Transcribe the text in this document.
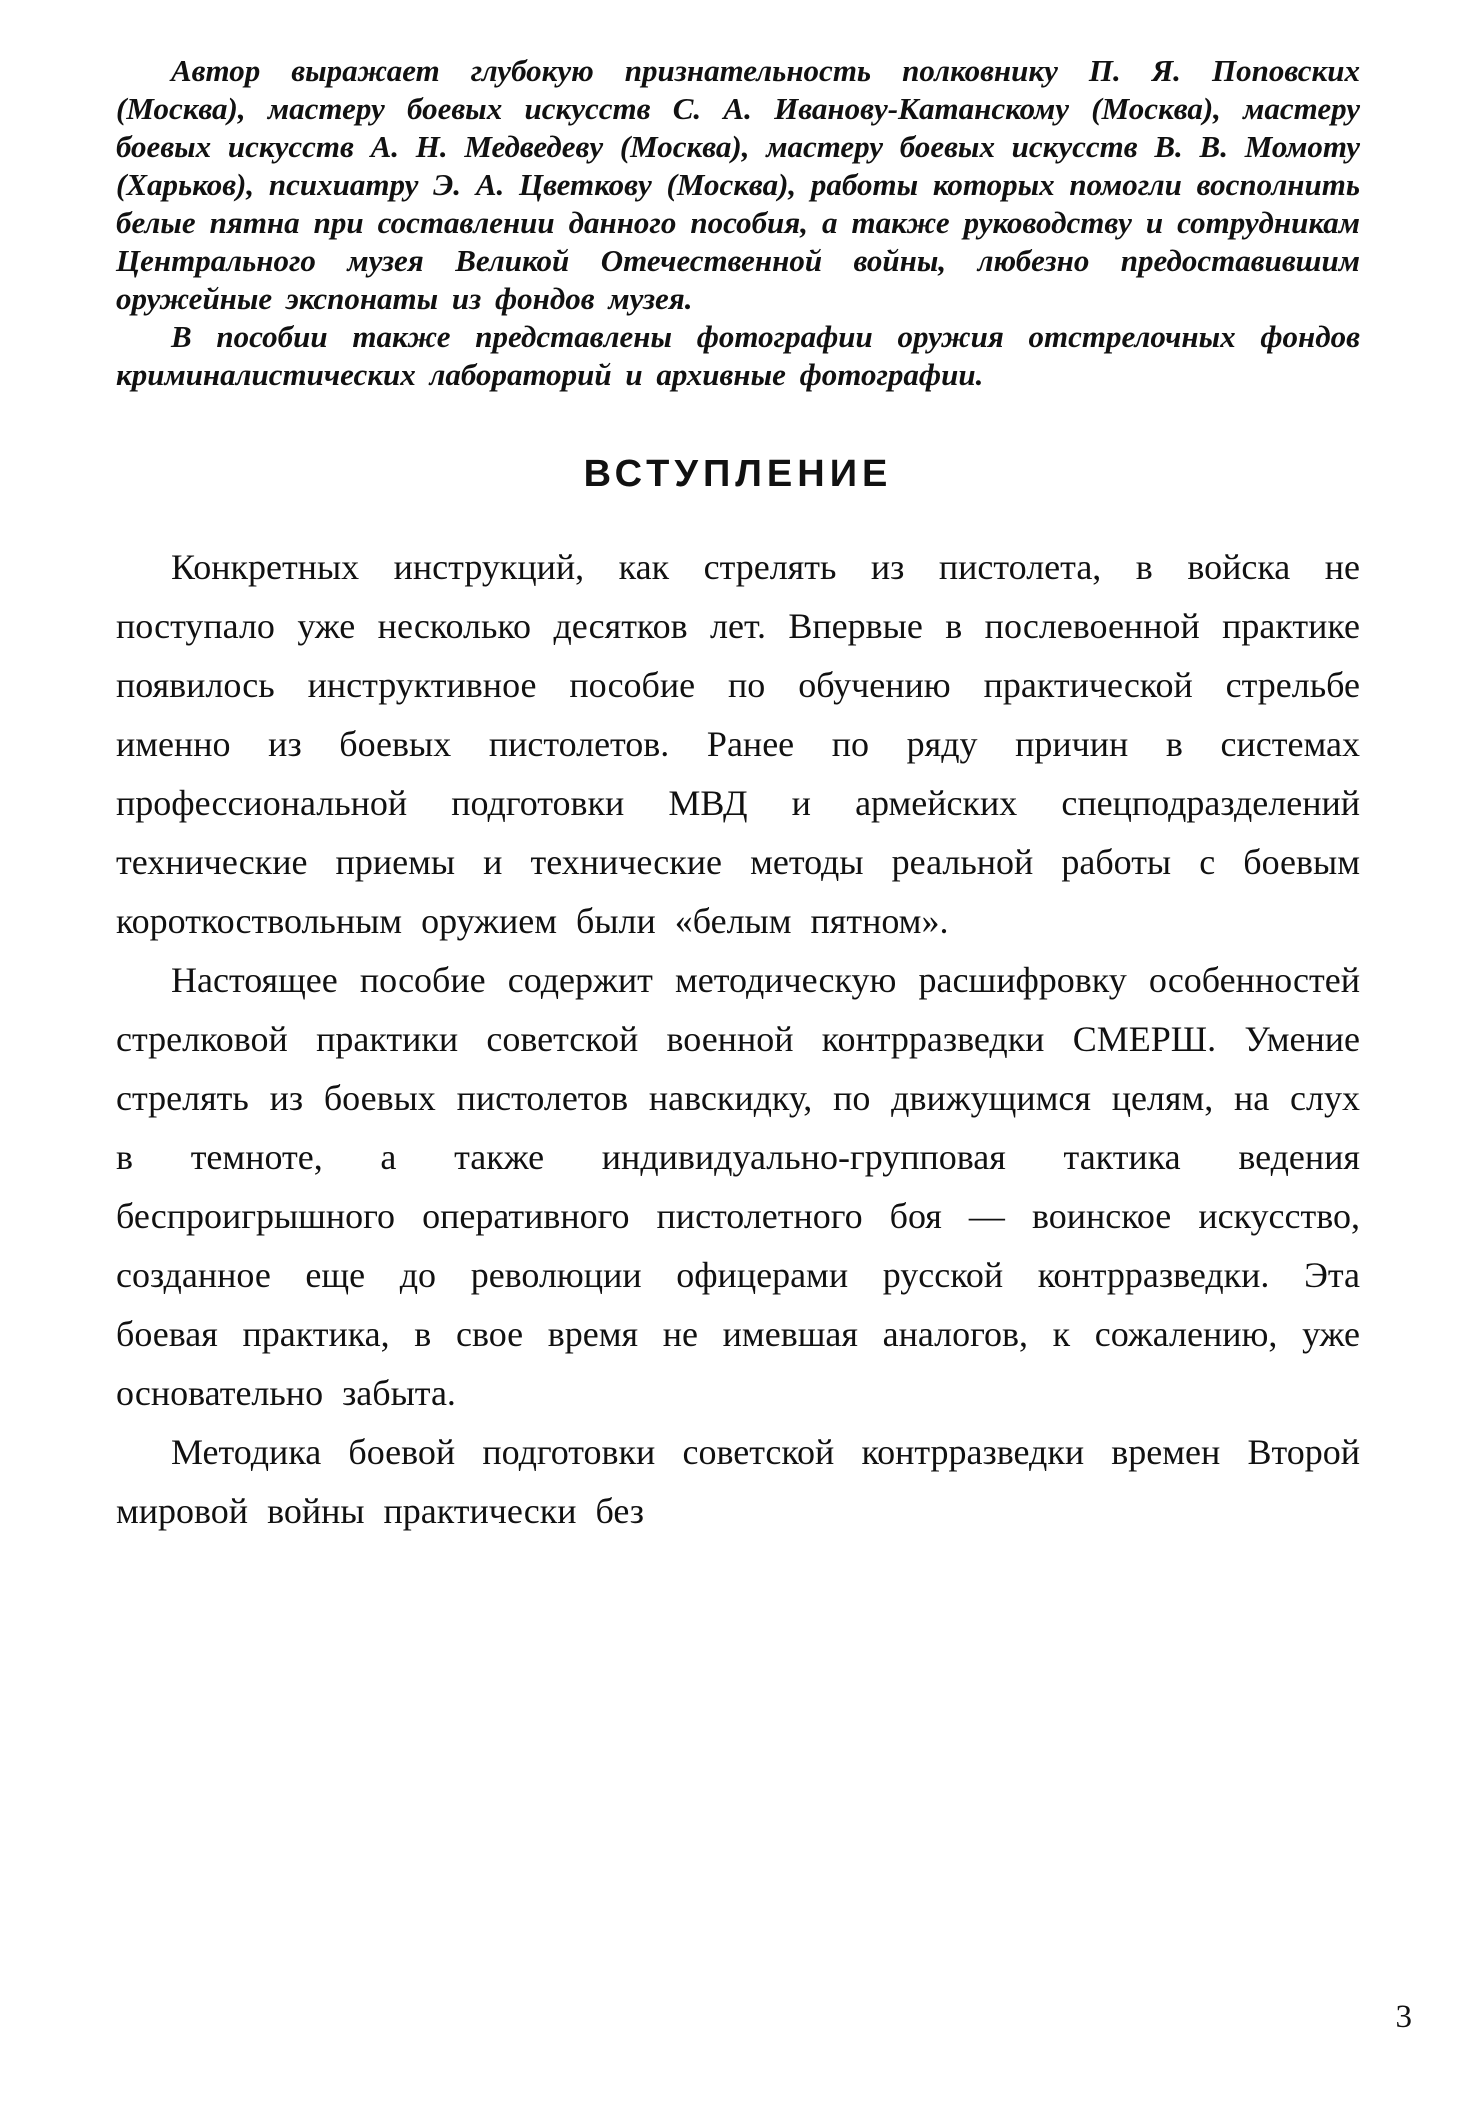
Автор выражает глубокую признательность полковнику П. Я. Поповских (Москва), мастеру боевых искусств С. А. Иванову-Катанскому (Москва), мастеру боевых искусств А. Н. Медведеву (Москва), мастеру боевых искусств В. В. Момоту (Харьков), психиатру Э. А. Цветкову (Москва), работы которых помогли восполнить белые пятна при составлении данного пособия, а также руководству и сотрудникам Центрального музея Великой Отечественной войны, любезно предоставившим оружейные экспонаты из фондов музея.

В пособии также представлены фотографии оружия отстрелочных фондов криминалистических лабораторий и архивные фотографии.

ВСТУПЛЕНИЕ

Конкретных инструкций, как стрелять из пистолета, в войска не поступало уже несколько десятков лет. Впервые в послевоенной практике появилось инструктивное пособие по обучению практической стрельбе именно из боевых пистолетов. Ранее по ряду причин в системах профессиональной подготовки МВД и армейских спецподразделений технические приемы и технические методы реальной работы с боевым короткоствольным оружием были «белым пятном».

Настоящее пособие содержит методическую расшифровку особенностей стрелковой практики советской военной контрразведки СМЕРШ. Умение стрелять из боевых пистолетов навскидку, по движущимся целям, на слух в темноте, а также индивидуально-групповая тактика ведения беспроигрышного оперативного пистолетного боя — воинское искусство, созданное еще до революции офицерами русской контрразведки. Эта боевая практика, в свое время не имевшая аналогов, к сожалению, уже основательно забыта.

Методика боевой подготовки советской контрразведки времен Второй мировой войны практически без

3
